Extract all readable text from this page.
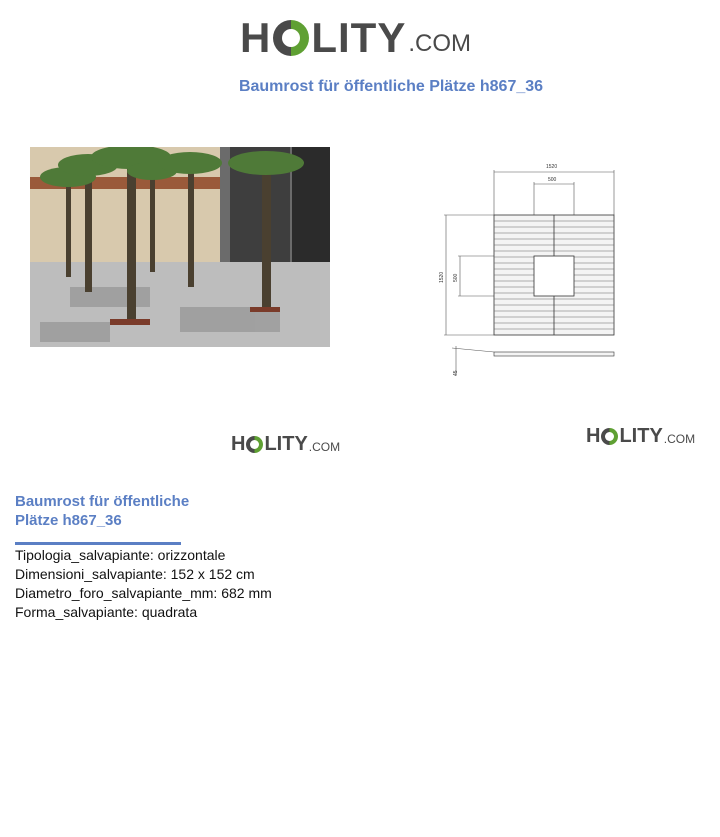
H LITY .COM
Baumrost für öffentliche Plätze h867_36
1520
500
1520 500
45
H LITY .COM
H LITY .COM
Baumrost für öffentliche
Plätze h867_36
Tipologia_salvapiante: orizzontale
Dimensioni_salvapiante: 152 x 152 cm
Diametro_foro_salvapiante_mm: 682 mm
Forma_salvapiante: quadrata
